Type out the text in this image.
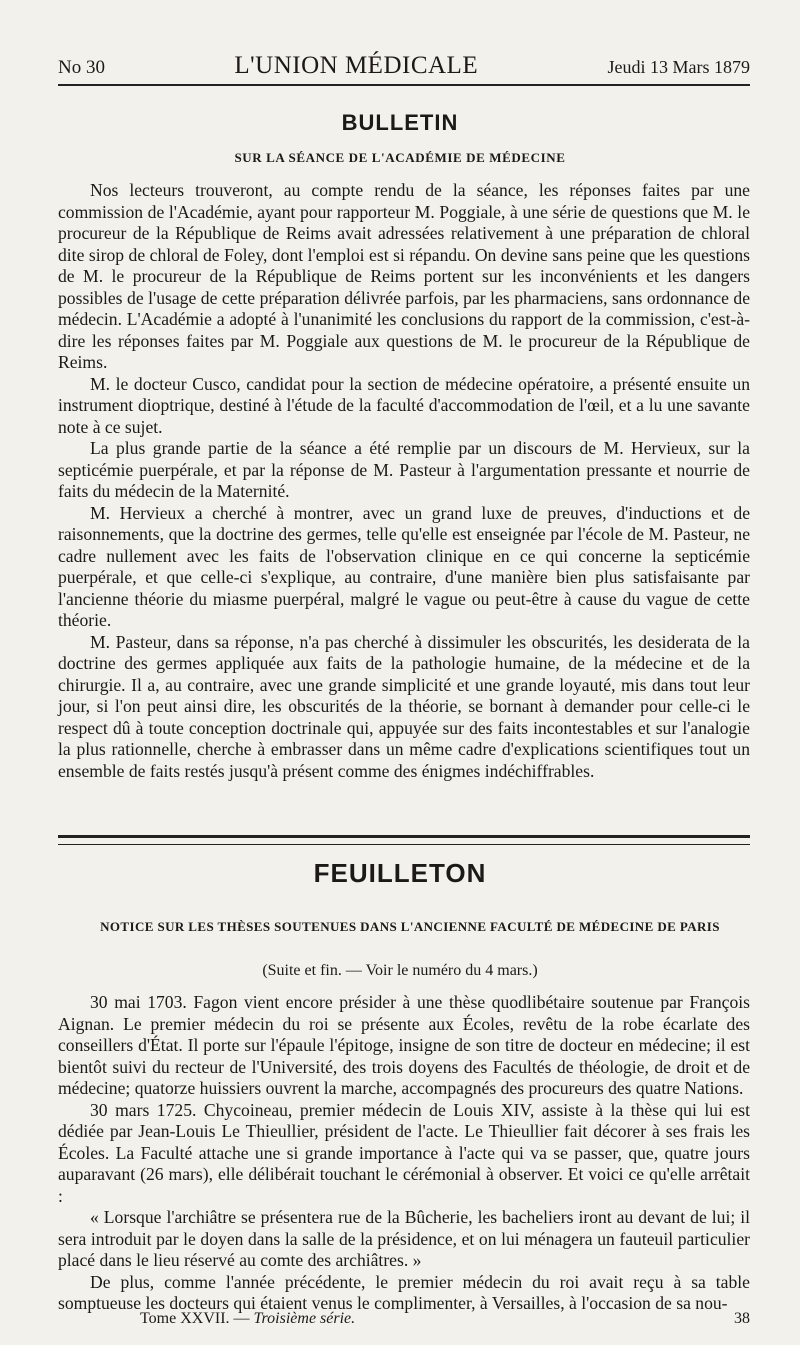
No 30	L'UNION MÉDICALE	Jeudi 13 Mars 1879
BULLETIN
SUR LA SÉANCE DE L'ACADÉMIE DE MÉDECINE

Nos lecteurs trouveront, au compte rendu de la séance, les réponses faites par une commission de l'Académie, ayant pour rapporteur M. Poggiale, à une série de questions que M. le procureur de la République de Reims avait adressées relativement à une préparation de chloral dite sirop de chloral de Foley, dont l'emploi est si répandu. On devine sans peine que les questions de M. le procureur de la République de Reims portent sur les inconvénients et les dangers possibles de l'usage de cette préparation délivrée parfois, par les pharmaciens, sans ordonnance de médecin. L'Académie a adopté à l'unanimité les conclusions du rapport de la commission, c'est-à-dire les réponses faites par M. Poggiale aux questions de M. le procureur de la République de Reims.

M. le docteur Cusco, candidat pour la section de médecine opératoire, a présenté ensuite un instrument dioptrique, destiné à l'étude de la faculté d'accommodation de l'œil, et a lu une savante note à ce sujet.

La plus grande partie de la séance a été remplie par un discours de M. Hervieux, sur la septicémie puerpérale, et par la réponse de M. Pasteur à l'argumentation pressante et nourrie de faits du médecin de la Maternité.

M. Hervieux a cherché à montrer, avec un grand luxe de preuves, d'inductions et de raisonnements, que la doctrine des germes, telle qu'elle est enseignée par l'école de M. Pasteur, ne cadre nullement avec les faits de l'observation clinique en ce qui concerne la septicémie puerpérale, et que celle-ci s'explique, au contraire, d'une manière bien plus satisfaisante par l'ancienne théorie du miasme puerpéral, malgré le vague ou peut-être à cause du vague de cette théorie.

M. Pasteur, dans sa réponse, n'a pas cherché à dissimuler les obscurités, les desiderata de la doctrine des germes appliquée aux faits de la pathologie humaine, de la médecine et de la chirurgie. Il a, au contraire, avec une grande simplicité et une grande loyauté, mis dans tout leur jour, si l'on peut ainsi dire, les obscurités de la théorie, se bornant à demander pour celle-ci le respect dû à toute conception doctrinale qui, appuyée sur des faits incontestables et sur l'analogie la plus rationnelle, cherche à embrasser dans un même cadre d'explications scientifiques tout un ensemble de faits restés jusqu'à présent comme des énigmes indéchiffrables.

FEUILLETON
NOTICE SUR LES THÈSES SOUTENUES DANS L'ANCIENNE FACULTÉ DE MÉDECINE DE PARIS
(Suite et fin. — Voir le numéro du 4 mars.)

30 mai 1703. Fagon vient encore présider à une thèse quodlibétaire soutenue par François Aignan. Le premier médecin du roi se présente aux Écoles, revêtu de la robe écarlate des conseillers d'État. Il porte sur l'épaule l'épitoge, insigne de son titre de docteur en médecine; il est bientôt suivi du recteur de l'Université, des trois doyens des Facultés de théologie, de droit et de médecine; quatorze huissiers ouvrent la marche, accompagnés des procureurs des quatre Nations.

30 mars 1725. Chycoineau, premier médecin de Louis XIV, assiste à la thèse qui lui est dédiée par Jean-Louis Le Thieullier, président de l'acte. Le Thieullier fait décorer à ses frais les Écoles. La Faculté attache une si grande importance à l'acte qui va se passer, que, quatre jours auparavant (26 mars), elle délibérait touchant le cérémonial à observer. Et voici ce qu'elle arrêtait :

« Lorsque l'archiâtre se présentera rue de la Bûcherie, les bacheliers iront au devant de lui; il sera introduit par le doyen dans la salle de la présidence, et on lui ménagera un fauteuil particulier placé dans le lieu réservé au comte des archiâtres. »

De plus, comme l'année précédente, le premier médecin du roi avait reçu à sa table somptueuse les docteurs qui étaient venus le complimenter, à Versailles, à l'occasion de sa nou-

Tome XXVII. — Troisième série.	38
